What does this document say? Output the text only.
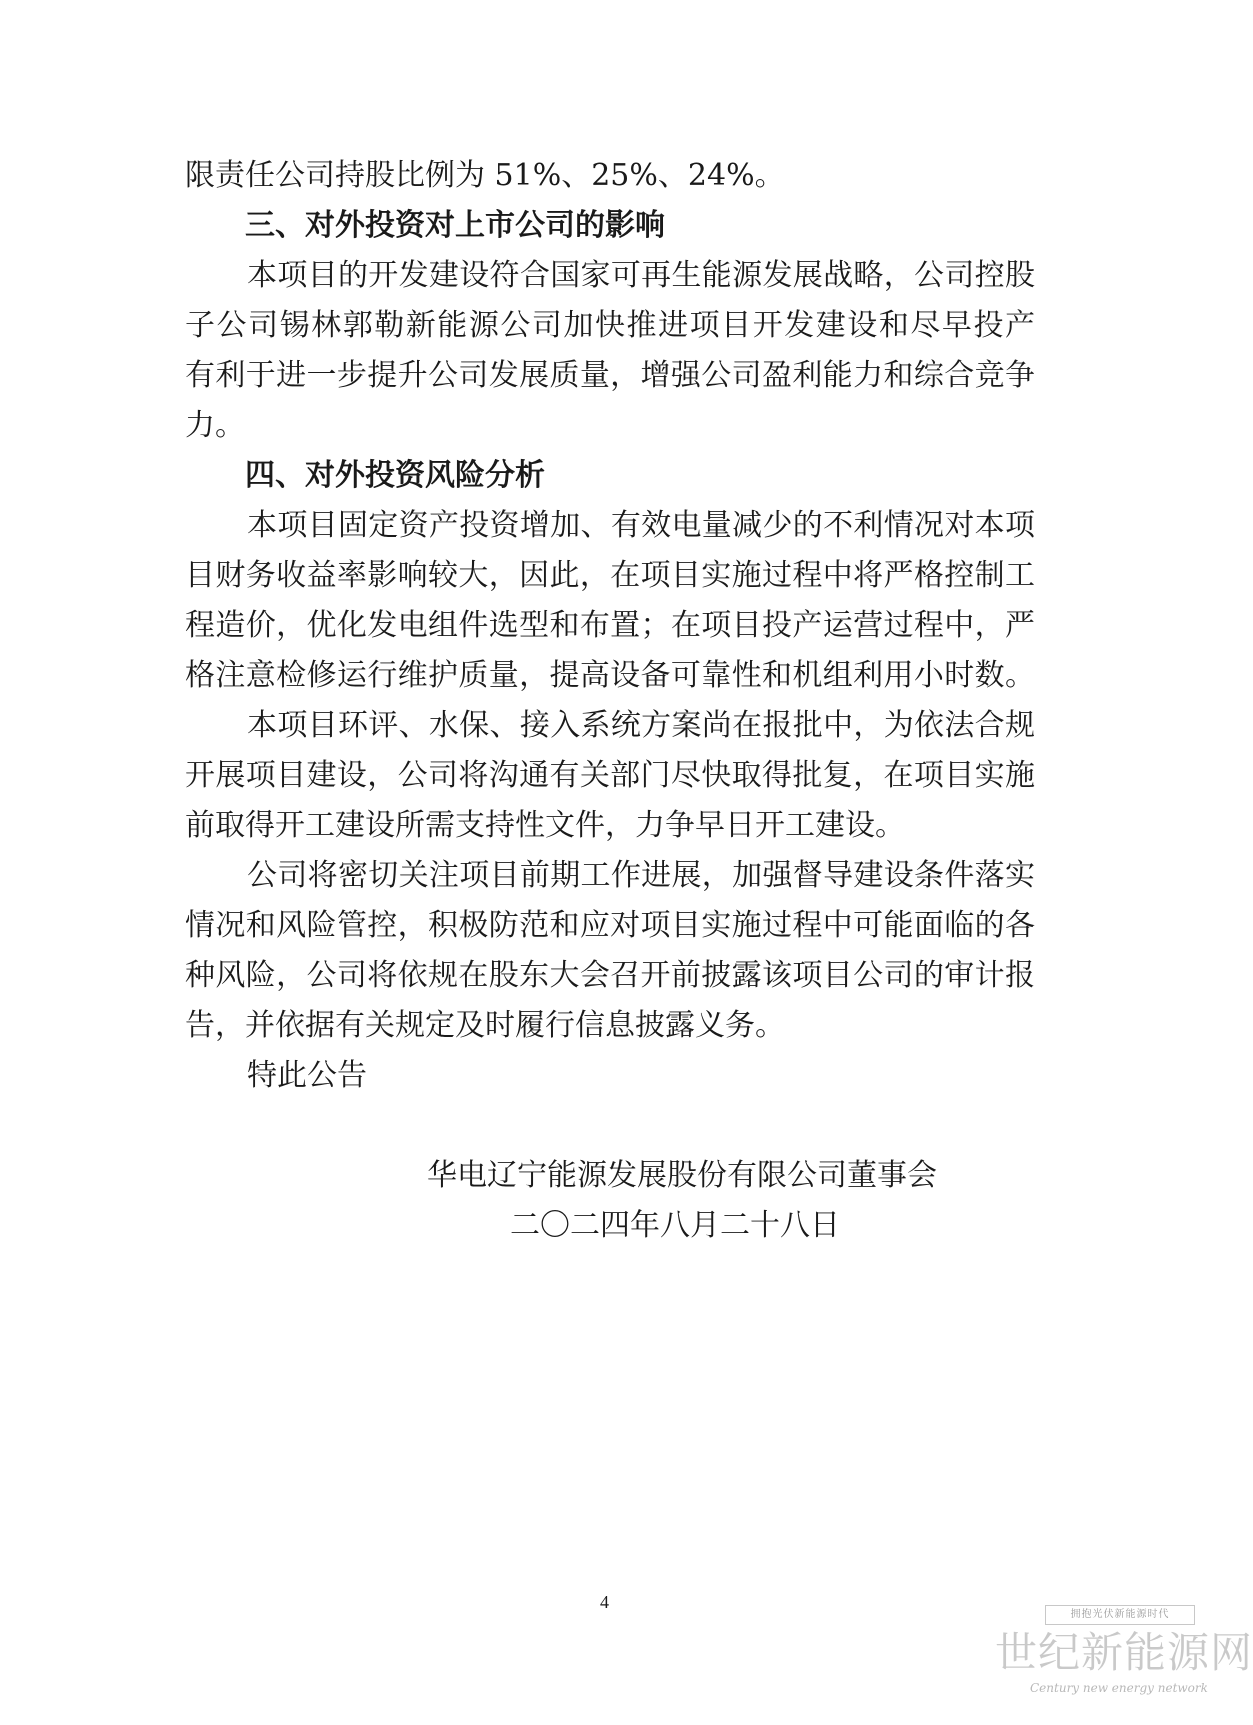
限责任公司持股比例为 51%、25%、24%。
三、对外投资对上市公司的影响
本项目的开发建设符合国家可再生能源发展战略，公司控股
子公司锡林郭勒新能源公司加快推进项目开发建设和尽早投产
有利于进一步提升公司发展质量，增强公司盈利能力和综合竞争
力。
四、对外投资风险分析
本项目固定资产投资增加、有效电量减少的不利情况对本项
目财务收益率影响较大，因此，在项目实施过程中将严格控制工
程造价，优化发电组件选型和布置；在项目投产运营过程中，严
格注意检修运行维护质量，提高设备可靠性和机组利用小时数。
本项目环评、水保、接入系统方案尚在报批中，为依法合规
开展项目建设，公司将沟通有关部门尽快取得批复，在项目实施
前取得开工建设所需支持性文件，力争早日开工建设。
公司将密切关注项目前期工作进展，加强督导建设条件落实
情况和风险管控，积极防范和应对项目实施过程中可能面临的各
种风险，公司将依规在股东大会召开前披露该项目公司的审计报
告，并依据有关规定及时履行信息披露义务。
特此公告
华电辽宁能源发展股份有限公司董事会
二〇二四年八月二十八日
4
拥抱光伏新能源时代
世纪新能源网
Century new energy network
